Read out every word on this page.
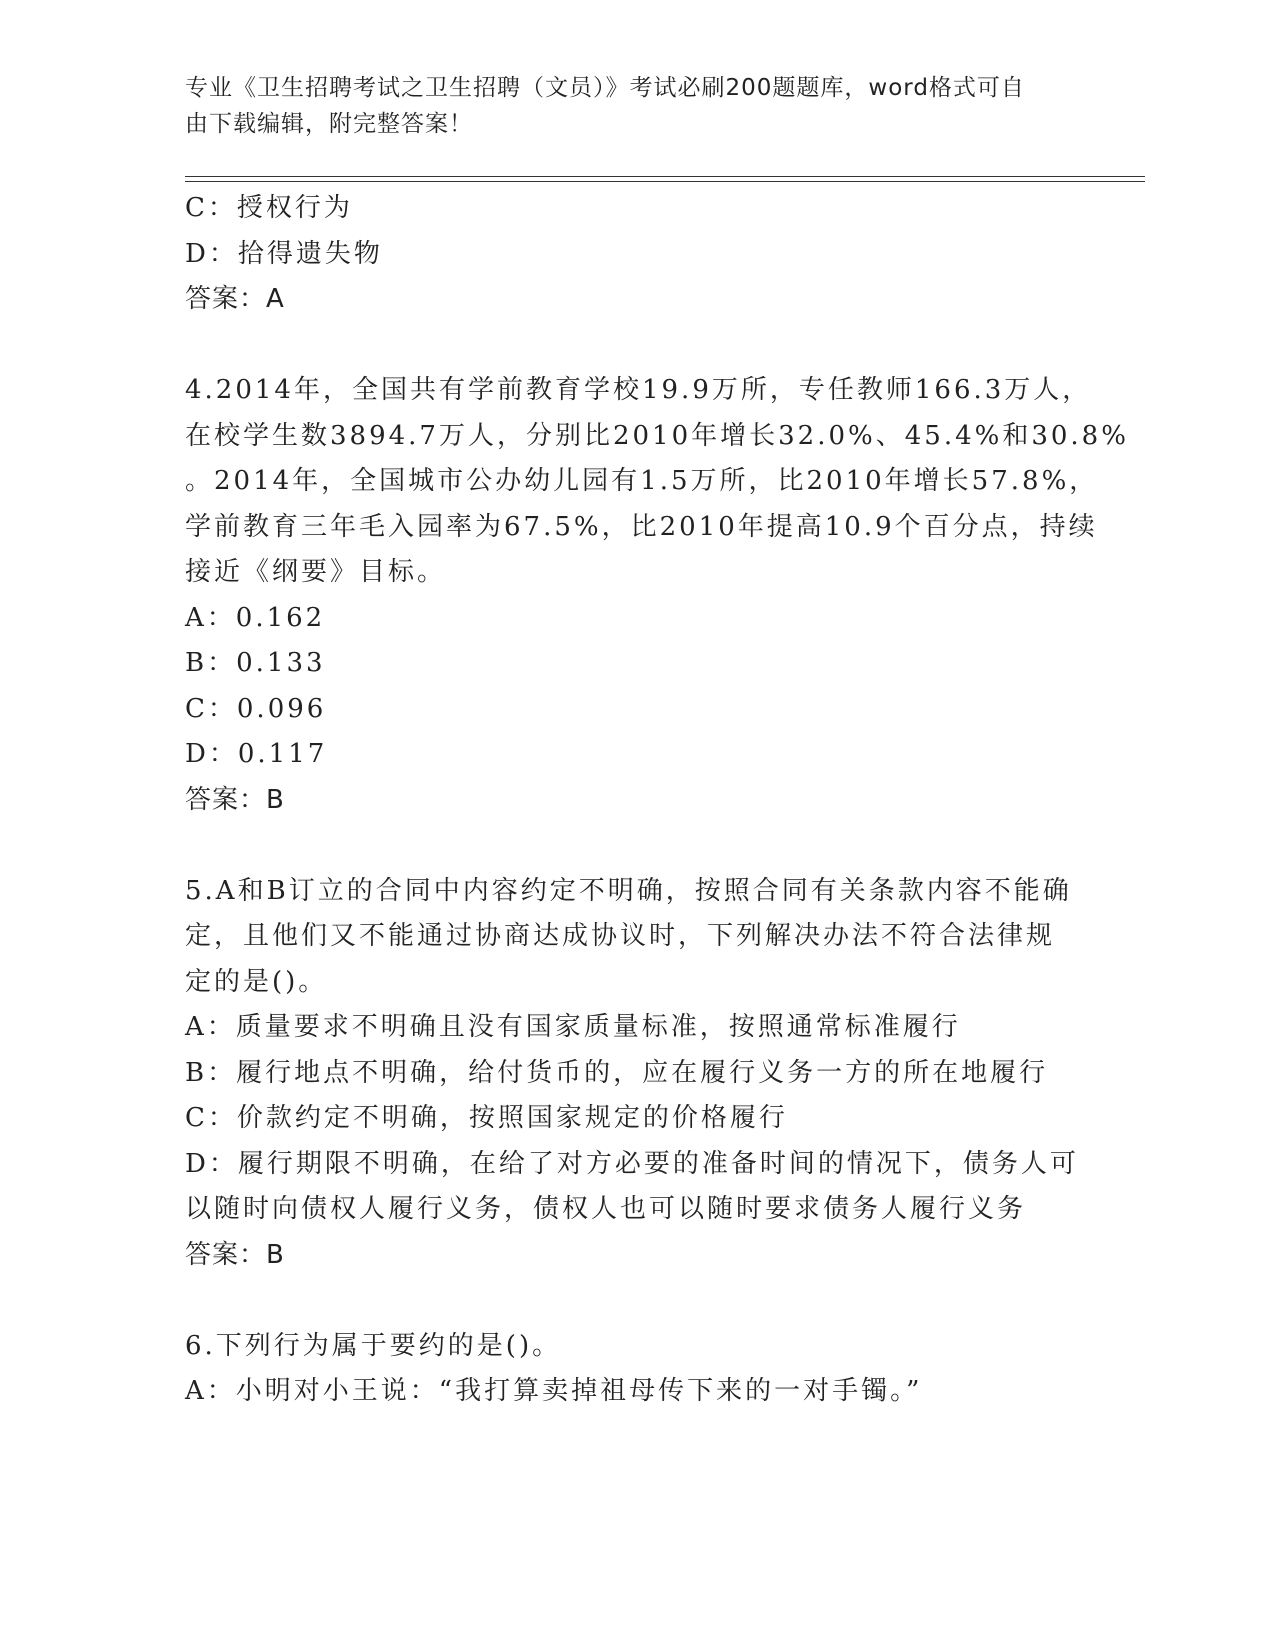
专业《卫生招聘考试之卫生招聘（文员）》考试必刷200题题库，word格式可自
由下载编辑，附完整答案！
C：授权行为
D：拾得遗失物
答案：A
4.2014年，全国共有学前教育学校19.9万所，专任教师166.3万人，
在校学生数3894.7万人，分别比2010年增长32.0%、45.4%和30.8%
。2014年，全国城市公办幼儿园有1.5万所，比2010年增长57.8%，
学前教育三年毛入园率为67.5%，比2010年提高10.9个百分点，持续
接近《纲要》目标。
A：0.162
B：0.133
C：0.096
D：0.117
答案：B
5.A和B订立的合同中内容约定不明确，按照合同有关条款内容不能确
定，且他们又不能通过协商达成协议时，下列解决办法不符合法律规
定的是()。
A：质量要求不明确且没有国家质量标准，按照通常标准履行
B：履行地点不明确，给付货币的，应在履行义务一方的所在地履行
C：价款约定不明确，按照国家规定的价格履行
D：履行期限不明确，在给了对方必要的准备时间的情况下，债务人可
以随时向债权人履行义务，债权人也可以随时要求债务人履行义务
答案：B
6.下列行为属于要约的是()。
A：小明对小王说：“我打算卖掉祖母传下来的一对手镯。”
